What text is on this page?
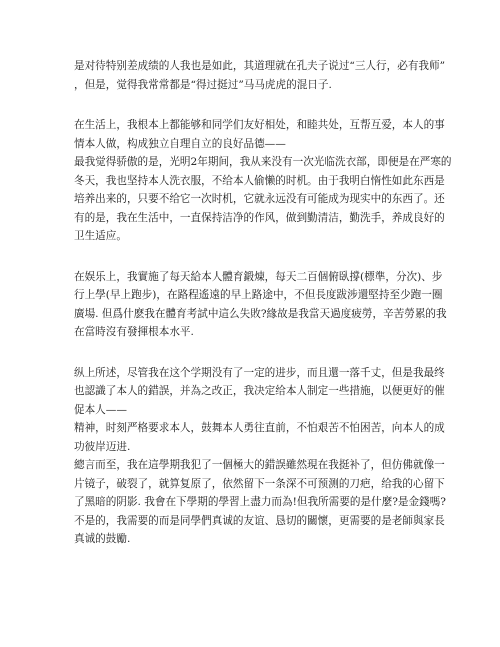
是对待特别差成绩的人我也是如此，其道理就在孔夫子说过“三人行，必有我师”

，但是，觉得我常常都是“得过挺过”马马虎虎的混日子.

在生活上，我根本上都能够和同学们友好相处，和睦共处，互帮互爱，本人的事

情本人做，构成独立自理自立的良好品德——

最我觉得骄傲的是，光明2年期间，我从来没有一次光临洗衣部，即便是在严寒的

冬天，我也坚持本人洗衣服，不给本人偷懒的时机。由于我明白惰性如此东西是

培养出来的，只要不给它一次时机，它就永远没有可能成为现实中的东西了。还

有的是，我在生活中，一直保持洁净的作风，做到勤清洁，勤洗手，养成良好的

卫生适应。

在娱乐上，我實施了每天給本人體育鍛煉，每天二百個俯臥撐(標準，分次)、步

行上學(早上跑步)，在路程遙遠的早上路途中，不但長度跋涉還堅持至少跑一圈

廣場. 但爲什麽我在體育考試中這么失敗?緣故是我當天過度疲勞，辛苦勞累的我

在當時沒有發揮根本水平.

纵上所述，尽管我在这个学期没有了一定的进步，而且還一落千丈，但是我最终

也認識了本人的錯誤，并為之改正，我决定给本人制定一些措施，以便更好的催

促本人——

精神，时刻严格要求本人，鼓舞本人勇往直前，不怕艰苦不怕困苦，向本人的成

功彼岸迈进.

總言而至，我在這學期我犯了一個極大的錯誤雖然現在我挺补了，但仿佛就像一

片镜子，破裂了，就算复原了，依然留下一条深不可预测的刀疤，给我的心留下

了黑暗的阴影. 我會在下學期的學習上盡力而為!但我所需要的是什麼?是金錢嗎?

不是的，我需要的而是同學們真诚的友谊、恳切的關懷，更需要的是老師與家長

真诚的鼓勵.
